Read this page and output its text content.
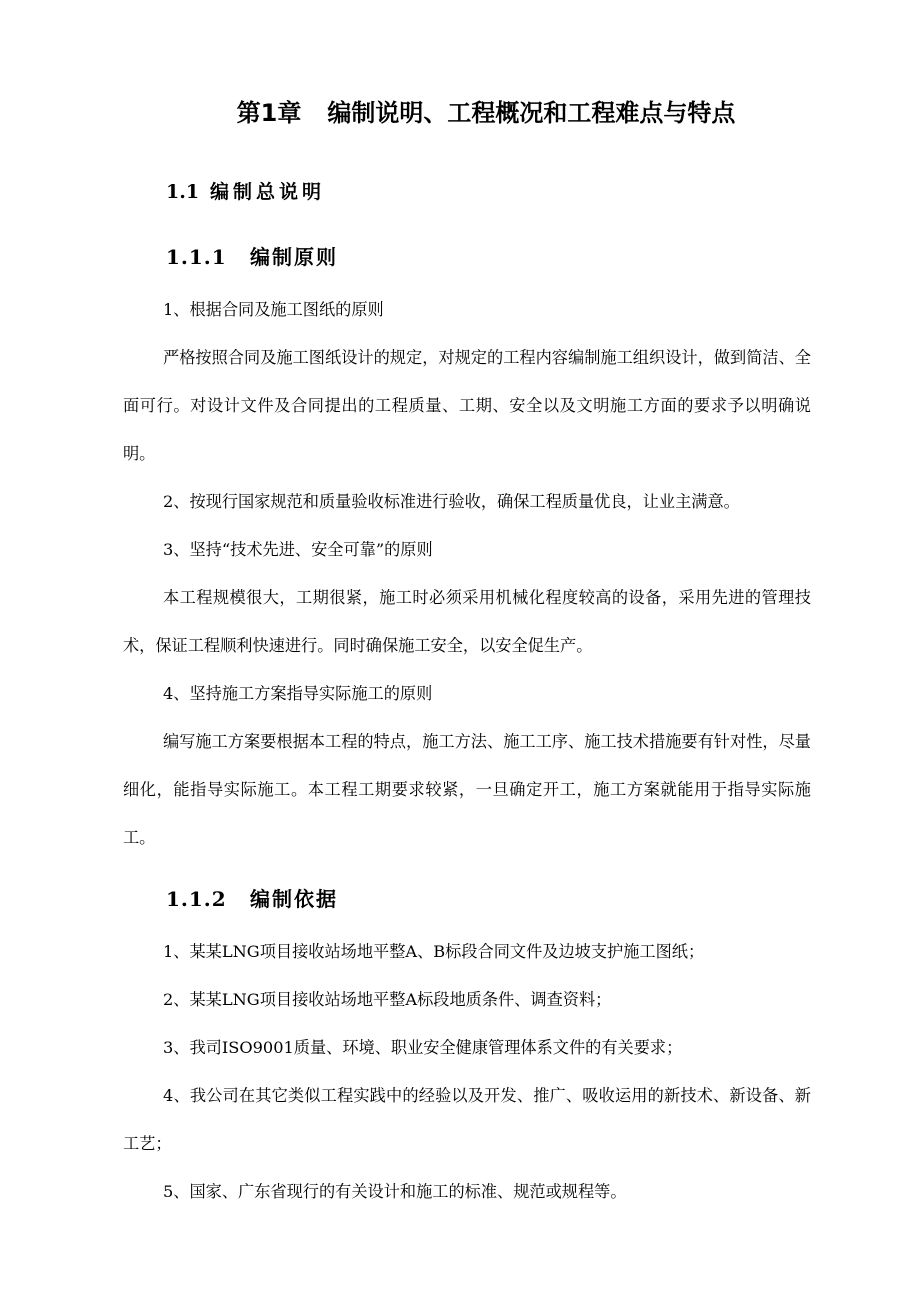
第1章 编制说明、工程概况和工程难点与特点
1.1 编制总说明
1.1.1 编制原则

1、根据合同及施工图纸的原则

严格按照合同及施工图纸设计的规定，对规定的工程内容编制施工组织设计，做到简洁、全面可行。对设计文件及合同提出的工程质量、工期、安全以及文明施工方面的要求予以明确说明。

2、按现行国家规范和质量验收标准进行验收，确保工程质量优良，让业主满意。

3、坚持“技术先进、安全可靠”的原则

本工程规模很大，工期很紧，施工时必须采用机械化程度较高的设备，采用先进的管理技术，保证工程顺利快速进行。同时确保施工安全，以安全促生产。

4、坚持施工方案指导实际施工的原则

编写施工方案要根据本工程的特点，施工方法、施工工序、施工技术措施要有针对性，尽量细化，能指导实际施工。本工程工期要求较紧，一旦确定开工，施工方案就能用于指导实际施工。

1.1.2 编制依据

1、某某LNG项目接收站场地平整A、B标段合同文件及边坡支护施工图纸；

2、某某LNG项目接收站场地平整A标段地质条件、调查资料；

3、我司ISO9001质量、环境、职业安全健康管理体系文件的有关要求；

4、我公司在其它类似工程实践中的经验以及开发、推广、吸收运用的新技术、新设备、新工艺；

5、国家、广东省现行的有关设计和施工的标准、规范或规程等。
